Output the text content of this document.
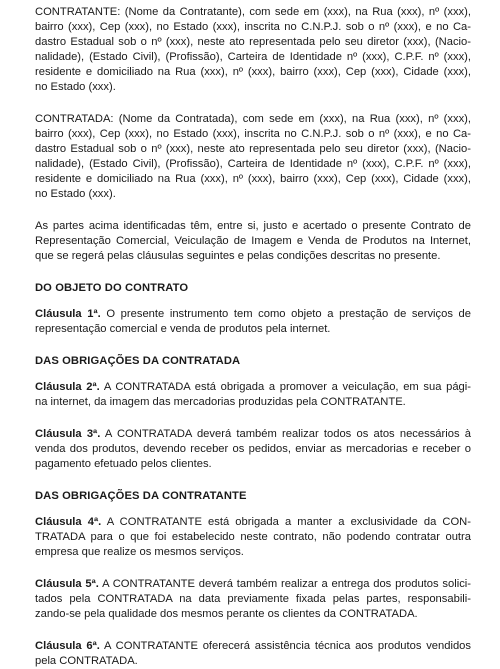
CONTRATANTE: (Nome da Contratante), com sede em (xxx), na Rua (xxx), nº (xxx),
bairro (xxx), Cep (xxx), no Estado (xxx), inscrita no C.N.P.J. sob o nº (xxx), e no Ca-
dastro Estadual sob o nº (xxx), neste ato representada pelo seu diretor (xxx), (Nacio-
nalidade), (Estado Civil), (Profissão), Carteira de Identidade nº (xxx), C.P.F. nº (xxx),
residente e domiciliado na Rua (xxx), nº (xxx), bairro (xxx), Cep (xxx), Cidade (xxx),
no Estado (xxx).

CONTRATADA: (Nome da Contratada), com sede em (xxx), na Rua (xxx), nº (xxx),
bairro (xxx), Cep (xxx), no Estado (xxx), inscrita no C.N.P.J. sob o nº (xxx), e no Ca-
dastro Estadual sob o nº (xxx), neste ato representada pelo seu diretor (xxx), (Nacio-
nalidade), (Estado Civil), (Profissão), Carteira de Identidade nº (xxx), C.P.F. nº (xxx),
residente e domiciliado na Rua (xxx), nº (xxx), bairro (xxx), Cep (xxx), Cidade (xxx),
no Estado (xxx).

As partes acima identificadas têm, entre si, justo e acertado o presente Contrato de
Representação Comercial, Veiculação de Imagem e Venda de Produtos na Internet,
que se regerá pelas cláusulas seguintes e pelas condições descritas no presente.

DO OBJETO DO CONTRATO

Cláusula 1ª. O presente instrumento tem como objeto a prestação de serviços de
representação comercial e venda de produtos pela internet.

DAS OBRIGAÇÕES DA CONTRATADA

Cláusula 2ª. A CONTRATADA está obrigada a promover a veiculação, em sua pági-
na internet, da imagem das mercadorias produzidas pela CONTRATANTE.

Cláusula 3ª. A CONTRATADA deverá também realizar todos os atos necessários à
venda dos produtos, devendo receber os pedidos, enviar as mercadorias e receber o
pagamento efetuado pelos clientes.

DAS OBRIGAÇÕES DA CONTRATANTE

Cláusula 4ª. A CONTRATANTE está obrigada a manter a exclusividade da CON-
TRATADA para o que foi estabelecido neste contrato, não podendo contratar outra
empresa que realize os mesmos serviços.

Cláusula 5ª. A CONTRATANTE deverá também realizar a entrega dos produtos solici-
tados pela CONTRATADA na data previamente fixada pelas partes, responsabili-
zando-se pela qualidade dos mesmos perante os clientes da CONTRATADA.

Cláusula 6ª. A CONTRATANTE oferecerá assistência técnica aos produtos vendidos
pela CONTRATADA.
